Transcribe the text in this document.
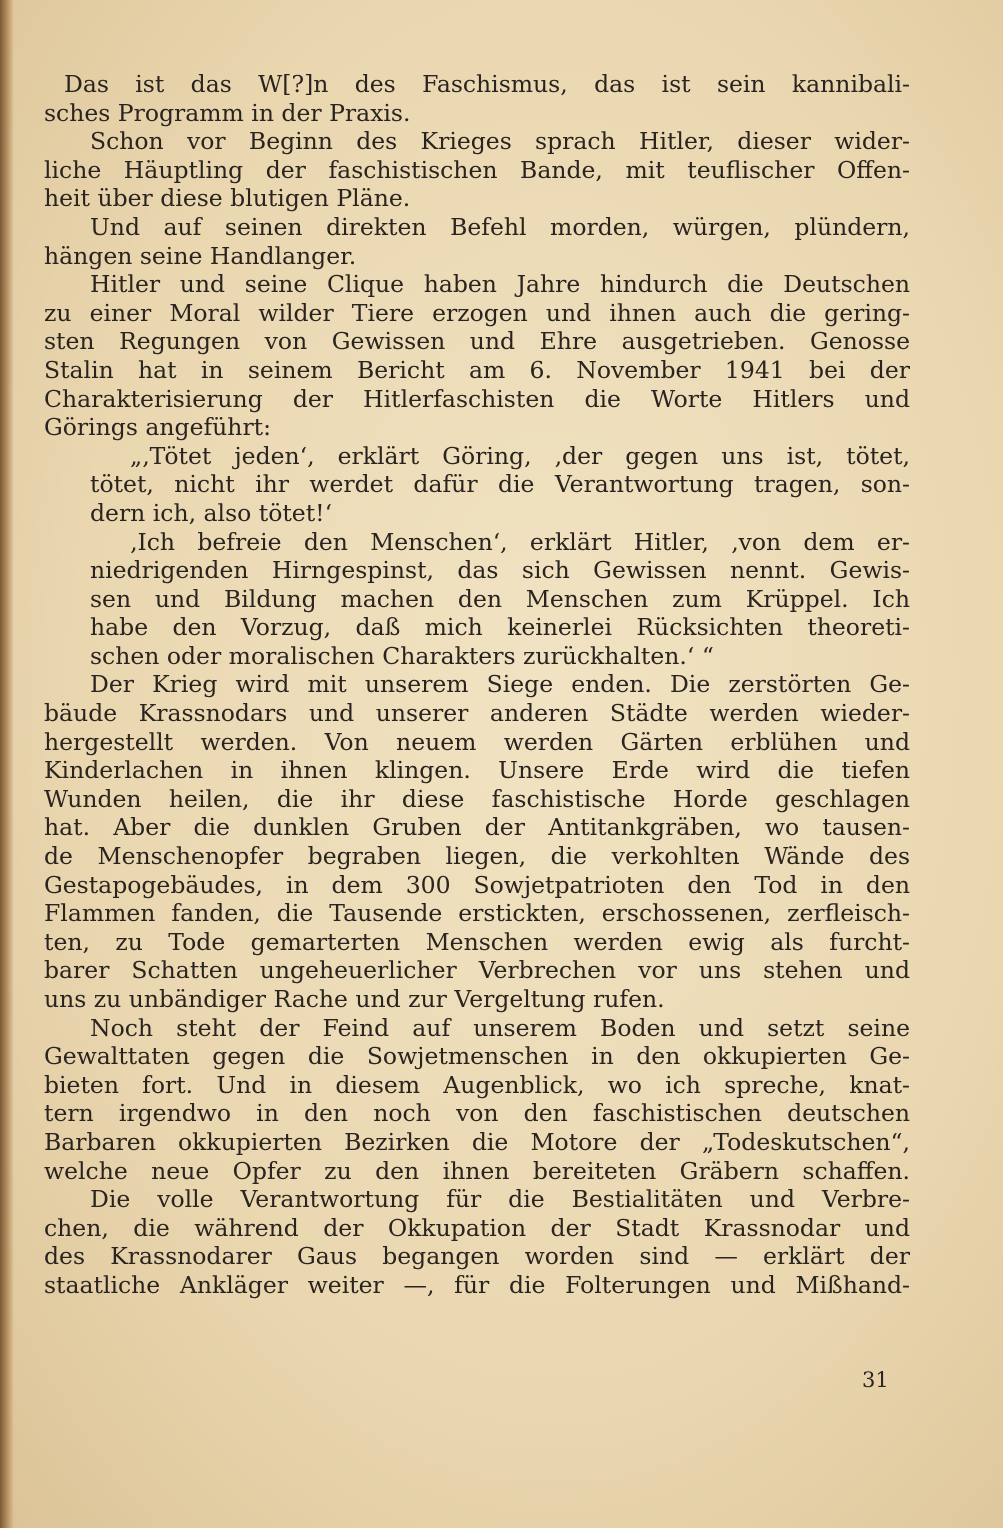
Das ist das W[?]n des Faschismus, das ist sein kannibali-
sches Programm in der Praxis.
Schon vor Beginn des Krieges sprach Hitler, dieser wider-
liche Häuptling der faschistischen Bande, mit teuflischer Offen-
heit über diese blutigen Pläne.
Und auf seinen direkten Befehl morden, würgen, plündern,
hängen seine Handlanger.
Hitler und seine Clique haben Jahre hindurch die Deutschen
zu einer Moral wilder Tiere erzogen und ihnen auch die gering-
sten Regungen von Gewissen und Ehre ausgetrieben. Genosse
Stalin hat in seinem Bericht am 6. November 1941 bei der
Charakterisierung der Hitlerfaschisten die Worte Hitlers und
Görings angeführt:
„‚Tötet jeden‘, erklärt Göring, ‚der gegen uns ist, tötet,
tötet, nicht ihr werdet dafür die Verantwortung tragen, son-
dern ich, also tötet!‘
‚Ich befreie den Menschen‘, erklärt Hitler, ‚von dem er-
niedrigenden Hirngespinst, das sich Gewissen nennt. Gewis-
sen und Bildung machen den Menschen zum Krüppel. Ich
habe den Vorzug, daß mich keinerlei Rücksichten theoreti-
schen oder moralischen Charakters zurückhalten.‘ “
Der Krieg wird mit unserem Siege enden. Die zerstörten Ge-
bäude Krassnodars und unserer anderen Städte werden wieder-
hergestellt werden. Von neuem werden Gärten erblühen und
Kinderlachen in ihnen klingen. Unsere Erde wird die tiefen
Wunden heilen, die ihr diese faschistische Horde geschlagen
hat. Aber die dunklen Gruben der Antitankgräben, wo tausen-
de Menschenopfer begraben liegen, die verkohlten Wände des
Gestapogebäudes, in dem 300 Sowjetpatrioten den Tod in den
Flammen fanden, die Tausende erstickten, erschossenen, zerfleisch-
ten, zu Tode gemarterten Menschen werden ewig als furcht-
barer Schatten ungeheuerlicher Verbrechen vor uns stehen und
uns zu unbändiger Rache und zur Vergeltung rufen.
Noch steht der Feind auf unserem Boden und setzt seine
Gewalttaten gegen die Sowjetmenschen in den okkupierten Ge-
bieten fort. Und in diesem Augenblick, wo ich spreche, knat-
tern irgendwo in den noch von den faschistischen deutschen
Barbaren okkupierten Bezirken die Motore der „Todeskutschen“,
welche neue Opfer zu den ihnen bereiteten Gräbern schaffen.
Die volle Verantwortung für die Bestialitäten und Verbre-
chen, die während der Okkupation der Stadt Krassnodar und
des Krassnodarer Gaus begangen worden sind — erklärt der
staatliche Ankläger weiter —, für die Folterungen und Mißhand-
31
